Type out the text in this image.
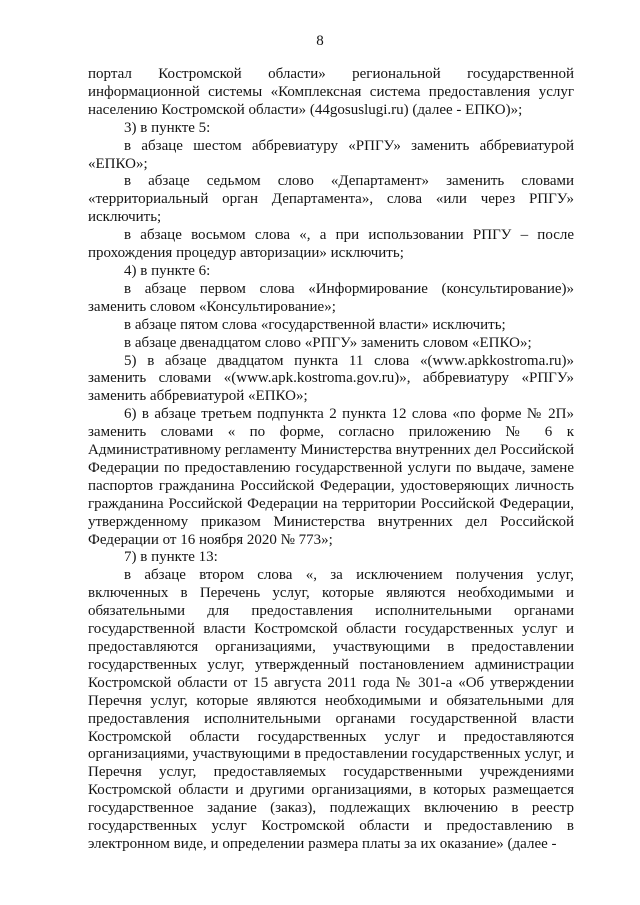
8

портал Костромской области» региональной государственной информационной системы «Комплексная система предоставления услуг населению Костромской области» (44gosuslugi.ru) (далее - ЕПКО)»;

3) в пункте 5:

в абзаце шестом аббревиатуру «РПГУ» заменить аббревиатурой «ЕПКО»;

в абзаце седьмом слово «Департамент» заменить словами «территориальный орган Департамента», слова «или через РПГУ» исключить;

в абзаце восьмом слова «, а при использовании РПГУ – после прохождения процедур авторизации» исключить;

4) в пункте 6:

в абзаце первом слова «Информирование (консультирование)» заменить словом «Консультирование»;

в абзаце пятом слова «государственной власти» исключить;

в абзаце двенадцатом слово «РПГУ» заменить словом «ЕПКО»;

5) в абзаце двадцатом пункта 11 слова «(www.apkkostroma.ru)» заменить словами «(www.apk.kostroma.gov.ru)», аббревиатуру «РПГУ» заменить аббревиатурой «ЕПКО»;

6) в абзаце третьем подпункта 2 пункта 12 слова «по форме № 2П» заменить словами « по форме, согласно приложению № 6 к Административному регламенту Министерства внутренних дел Российской Федерации по предоставлению государственной услуги по выдаче, замене паспортов гражданина Российской Федерации, удостоверяющих личность гражданина Российской Федерации на территории Российской Федерации, утвержденному приказом Министерства внутренних дел Российской Федерации от 16 ноября 2020 № 773»;

7) в пункте 13:

в абзаце втором слова «, за исключением получения услуг, включенных в Перечень услуг, которые являются необходимыми и обязательными для предоставления исполнительными органами государственной власти Костромской области государственных услуг и предоставляются организациями, участвующими в предоставлении государственных услуг, утвержденный постановлением администрации Костромской области от 15 августа 2011 года № 301-а «Об утверждении Перечня услуг, которые являются необходимыми и обязательными для предоставления исполнительными органами государственной власти Костромской области государственных услуг и предоставляются организациями, участвующими в предоставлении государственных услуг, и Перечня услуг, предоставляемых государственными учреждениями Костромской области и другими организациями, в которых размещается государственное задание (заказ), подлежащих включению в реестр государственных услуг Костромской области и предоставлению в электронном виде, и определении размера платы за их оказание» (далее -
